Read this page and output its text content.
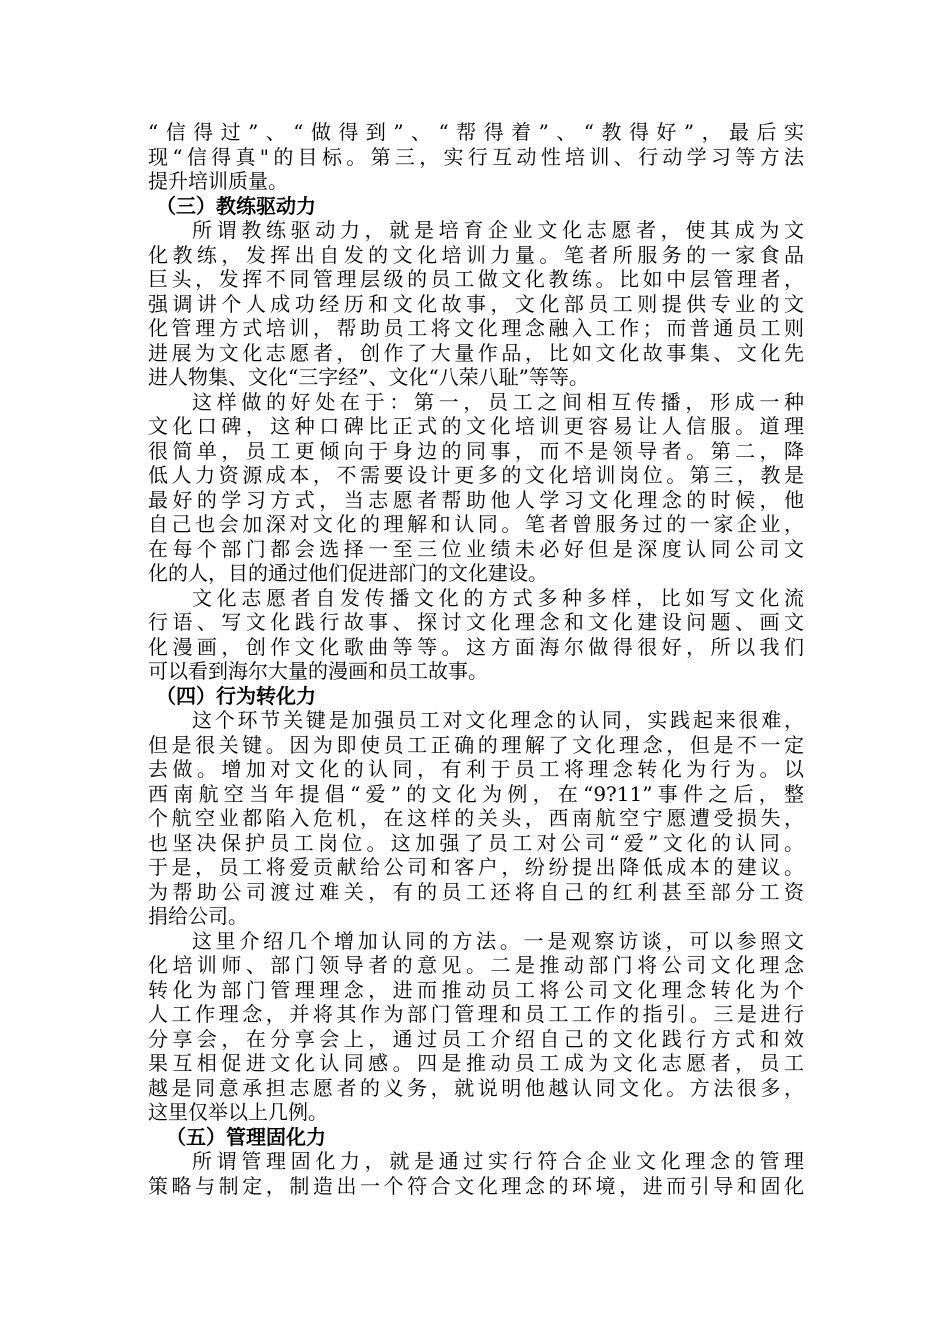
“信得过”、“做得到”、“帮得着”、“教得好”，最后实
现“信得真"的目标。第三，实行互动性培训、行动学习等方法
提升培训质量。
（三）教练驱动力
所谓教练驱动力，就是培育企业文化志愿者，使其成为文
化教练，发挥出自发的文化培训力量。笔者所服务的一家食品
巨头，发挥不同管理层级的员工做文化教练。比如中层管理者，
强调讲个人成功经历和文化故事，文化部员工则提供专业的文
化管理方式培训，帮助员工将文化理念融入工作；而普通员工则
进展为文化志愿者，创作了大量作品，比如文化故事集、文化先
进人物集、文化“三字经”、文化“八荣八耻”等等。
这样做的好处在于：第一，员工之间相互传播，形成一种
文化口碑，这种口碑比正式的文化培训更容易让人信服。道理
很简单，员工更倾向于身边的同事，而不是领导者。第二，降
低人力资源成本，不需要设计更多的文化培训岗位。第三，教是
最好的学习方式，当志愿者帮助他人学习文化理念的时候，他
自己也会加深对文化的理解和认同。笔者曾服务过的一家企业，
在每个部门都会选择一至三位业绩未必好但是深度认同公司文
化的人，目的通过他们促进部门的文化建设。
文化志愿者自发传播文化的方式多种多样，比如写文化流
行语、写文化践行故事、探讨文化理念和文化建设问题、画文
化漫画，创作文化歌曲等等。这方面海尔做得很好，所以我们
可以看到海尔大量的漫画和员工故事。
（四）行为转化力
这个环节关键是加强员工对文化理念的认同，实践起来很难，
但是很关键。因为即使员工正确的理解了文化理念，但是不一定
去做。增加对文化的认同，有利于员工将理念转化为行为。以
西南航空当年提倡“爱”的文化为例，在“9?11”事件之后，整
个航空业都陷入危机，在这样的关头，西南航空宁愿遭受损失，
也坚决保护员工岗位。这加强了员工对公司“爱”文化的认同。
于是，员工将爱贡献给公司和客户，纷纷提出降低成本的建议。
为帮助公司渡过难关，有的员工还将自己的红利甚至部分工资
捐给公司。
这里介绍几个增加认同的方法。一是观察访谈，可以参照文
化培训师、部门领导者的意见。二是推动部门将公司文化理念
转化为部门管理理念，进而推动员工将公司文化理念转化为个
人工作理念，并将其作为部门管理和员工工作的指引。三是进行
分享会，在分享会上，通过员工介绍自己的文化践行方式和效
果互相促进文化认同感。四是推动员工成为文化志愿者，员工
越是同意承担志愿者的义务，就说明他越认同文化。方法很多，
这里仅举以上几例。
（五）管理固化力
所谓管理固化力，就是通过实行符合企业文化理念的管理
策略与制定，制造出一个符合文化理念的环境，进而引导和固化
